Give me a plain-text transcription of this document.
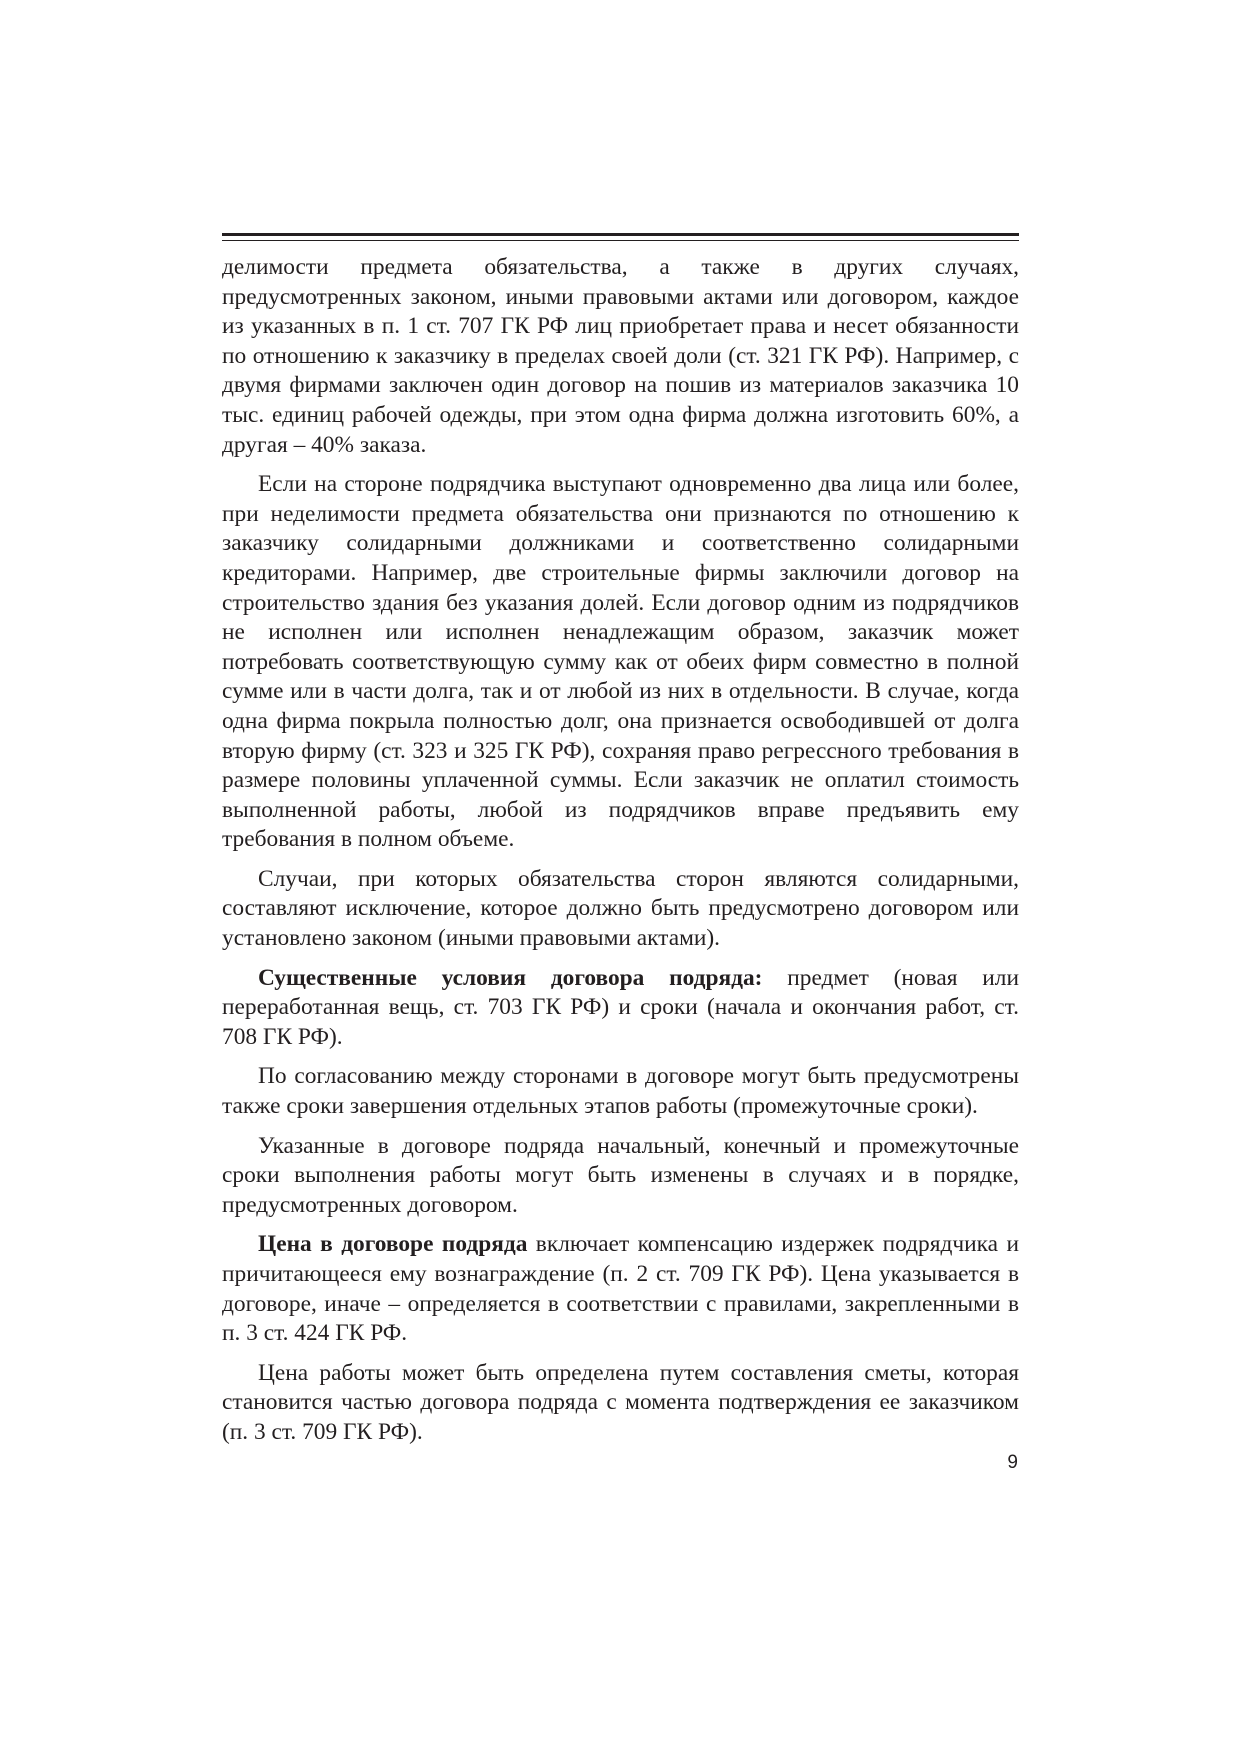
делимости предмета обязательства, а также в других случаях, предусмотренных законом, иными правовыми актами или договором, каждое из указанных в п. 1 ст. 707 ГК РФ лиц приобретает права и несет обязанности по отношению к заказчику в пределах своей доли (ст. 321 ГК РФ). Например, с двумя фирмами заключен один договор на пошив из материалов заказчика 10 тыс. единиц рабочей одежды, при этом одна фирма должна изготовить 60%, а другая – 40% заказа.

Если на стороне подрядчика выступают одновременно два лица или более, при неделимости предмета обязательства они признаются по отношению к заказчику солидарными должниками и соответственно солидарными кредиторами. Например, две строительные фирмы заключили договор на строительство здания без указания долей. Если договор одним из подрядчиков не исполнен или исполнен ненадлежащим образом, заказчик может потребовать соответствующую сумму как от обеих фирм совместно в полной сумме или в части долга, так и от любой из них в отдельности. В случае, когда одна фирма покрыла полностью долг, она признается освободившей от долга вторую фирму (ст. 323 и 325 ГК РФ), сохраняя право регрессного требования в размере половины уплаченной суммы. Если заказчик не оплатил стоимость выполненной работы, любой из подрядчиков вправе предъявить ему требования в полном объеме.

Случаи, при которых обязательства сторон являются солидарными, составляют исключение, которое должно быть предусмотрено договором или установлено законом (иными правовыми актами).

Существенные условия договора подряда: предмет (новая или переработанная вещь, ст. 703 ГК РФ) и сроки (начала и окончания работ, ст. 708 ГК РФ).

По согласованию между сторонами в договоре могут быть предусмотрены также сроки завершения отдельных этапов работы (промежуточные сроки).

Указанные в договоре подряда начальный, конечный и промежуточные сроки выполнения работы могут быть изменены в случаях и в порядке, предусмотренных договором.

Цена в договоре подряда включает компенсацию издержек подрядчика и причитающееся ему вознаграждение (п. 2 ст. 709 ГК РФ). Цена указывается в договоре, иначе – определяется в соответствии с правилами, закрепленными в п. 3 ст. 424 ГК РФ.

Цена работы может быть определена путем составления сметы, которая становится частью договора подряда с момента подтверждения ее заказчиком (п. 3 ст. 709 ГК РФ).

9
